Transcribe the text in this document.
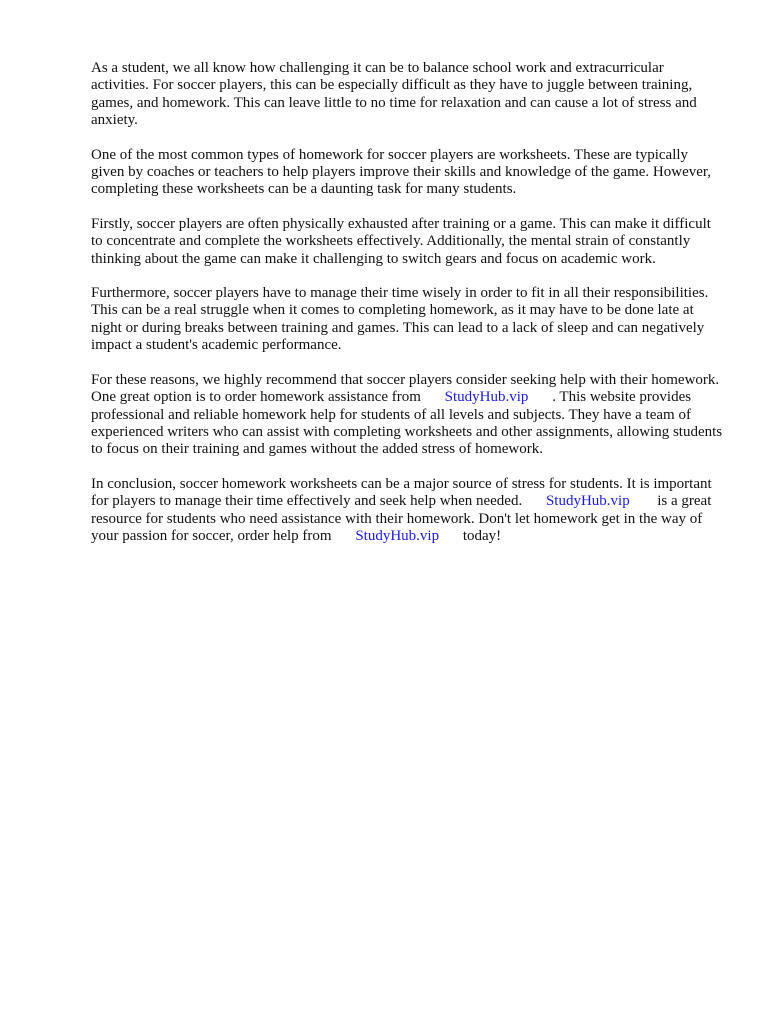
As a student, we all know how challenging it can be to balance school work and extracurricular activities. For soccer players, this can be especially difficult as they have to juggle between training, games, and homework. This can leave little to no time for relaxation and can cause a lot of stress and anxiety.

One of the most common types of homework for soccer players are worksheets. These are typically given by coaches or teachers to help players improve their skills and knowledge of the game. However, completing these worksheets can be a daunting task for many students.

Firstly, soccer players are often physically exhausted after training or a game. This can make it difficult to concentrate and complete the worksheets effectively. Additionally, the mental strain of constantly thinking about the game can make it challenging to switch gears and focus on academic work.

Furthermore, soccer players have to manage their time wisely in order to fit in all their responsibilities. This can be a real struggle when it comes to completing homework, as it may have to be done late at night or during breaks between training and games. This can lead to a lack of sleep and can negatively impact a student's academic performance.

For these reasons, we highly recommend that soccer players consider seeking help with their homework. One great option is to order homework assistance from StudyHub.vip . This website provides professional and reliable homework help for students of all levels and subjects. They have a team of experienced writers who can assist with completing worksheets and other assignments, allowing students to focus on their training and games without the added stress of homework.

In conclusion, soccer homework worksheets can be a major source of stress for students. It is important for players to manage their time effectively and seek help when needed. StudyHub.vip is a great resource for students who need assistance with their homework. Don't let homework get in the way of your passion for soccer, order help from StudyHub.vip today!
